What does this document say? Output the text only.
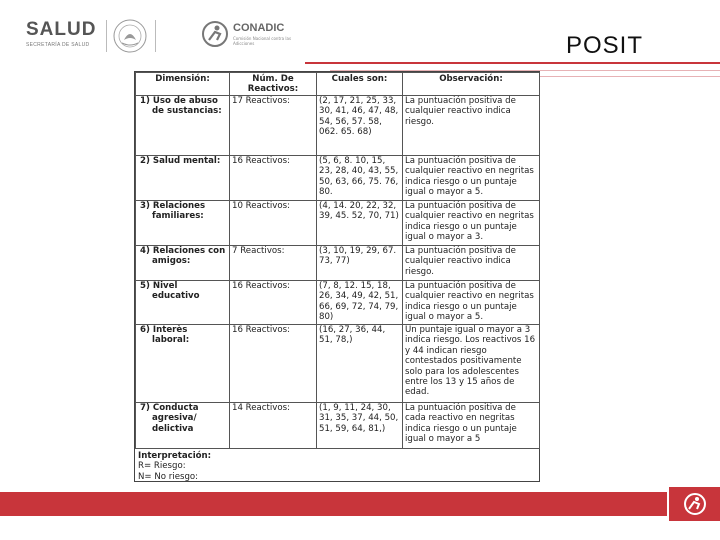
SALUD
SECRETARÍA DE SALUD
CONADIC
Comisión Nacional contra las Adicciones	POSIT
Dimensión:	Núm. De Reactivos:	Cuales son:	Observación:
1) Uso de abuso de sustancias:	17 Reactivos:	(2, 17, 21, 25, 33, 30, 41, 46, 47, 48, 54, 56, 57. 58, 062. 65. 68)	La puntuación positiva de cualquier reactivo indica riesgo.
2) Salud mental:	16 Reactivos:	(5, 6, 8. 10, 15, 23, 28, 40, 43, 55, 50, 63, 66, 75. 76, 80.	La puntuación positiva de cualquier reactivo en negritas indica riesgo o un puntaje igual o mayor a 5.
3) Relaciones familiares:	10 Reactivos:	(4, 14. 20, 22, 32, 39, 45. 52, 70, 71)	La puntuación positiva de cualquier reactivo en negritas indica riesgo o un puntaje igual o mayor a 3.
4) Relaciones con amigos:	7 Reactivos:	(3, 10, 19, 29, 67. 73, 77)	La puntuación positiva de cualquier reactivo indica riesgo.
5) Nivel educativo	16 Reactivos:	(7, 8, 12. 15, 18, 26, 34, 49, 42, 51, 66, 69, 72, 74, 79, 80)	La puntuación positiva de cualquier reactivo en negritas indica riesgo o un puntaje igual o mayor a 5.
6) Interès laboral:	16 Reactivos:	(16, 27, 36, 44, 51, 78,)	Un puntaje igual o mayor a 3 indica riesgo. Los reactivos 16 y 44 indican riesgo contestados positivamente solo para los adolescentes entre los 13 y 15 años de edad.
7) Conducta agresiva/ delictiva	14 Reactivos:	(1, 9, 11, 24, 30, 31, 35, 37, 44, 50, 51, 59, 64, 81,)	La puntuación positiva de cada reactivo en negritas indica riesgo o un puntaje igual o mayor a 5
Interpretación:
R= Riesgo:
N= No riesgo:
